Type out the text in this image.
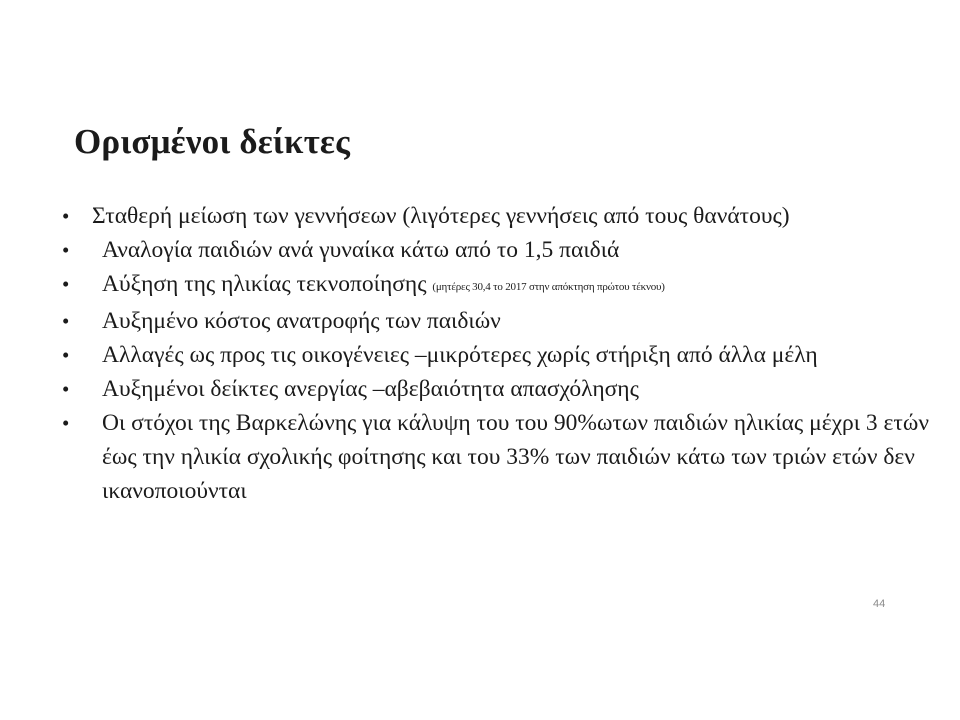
Ορισμένοι δείκτες
• Σταθερή μείωση των γεννήσεων (λιγότερες γεννήσεις από τους θανάτους)
• Αναλογία παιδιών ανά γυναίκα κάτω από το 1,5 παιδιά
• Αύξηση της ηλικίας τεκνοποίησης (μητέρες 30,4 το 2017 στην απόκτηση πρώτου τέκνου)
• Αυξημένο κόστος ανατροφής των παιδιών
• Αλλαγές ως προς τις οικογένειες –μικρότερες χωρίς στήριξη από άλλα μέλη
• Αυξημένοι δείκτες ανεργίας –αβεβαιότητα απασχόλησης
• Οι στόχοι της Βαρκελώνης για κάλυψη του του 90%ωτων παιδιών ηλικίας μέχρι 3 ετών έως την ηλικία σχολικής φοίτησης και του 33% των παιδιών κάτω των τριών ετών δεν ικανοποιούνται
44
